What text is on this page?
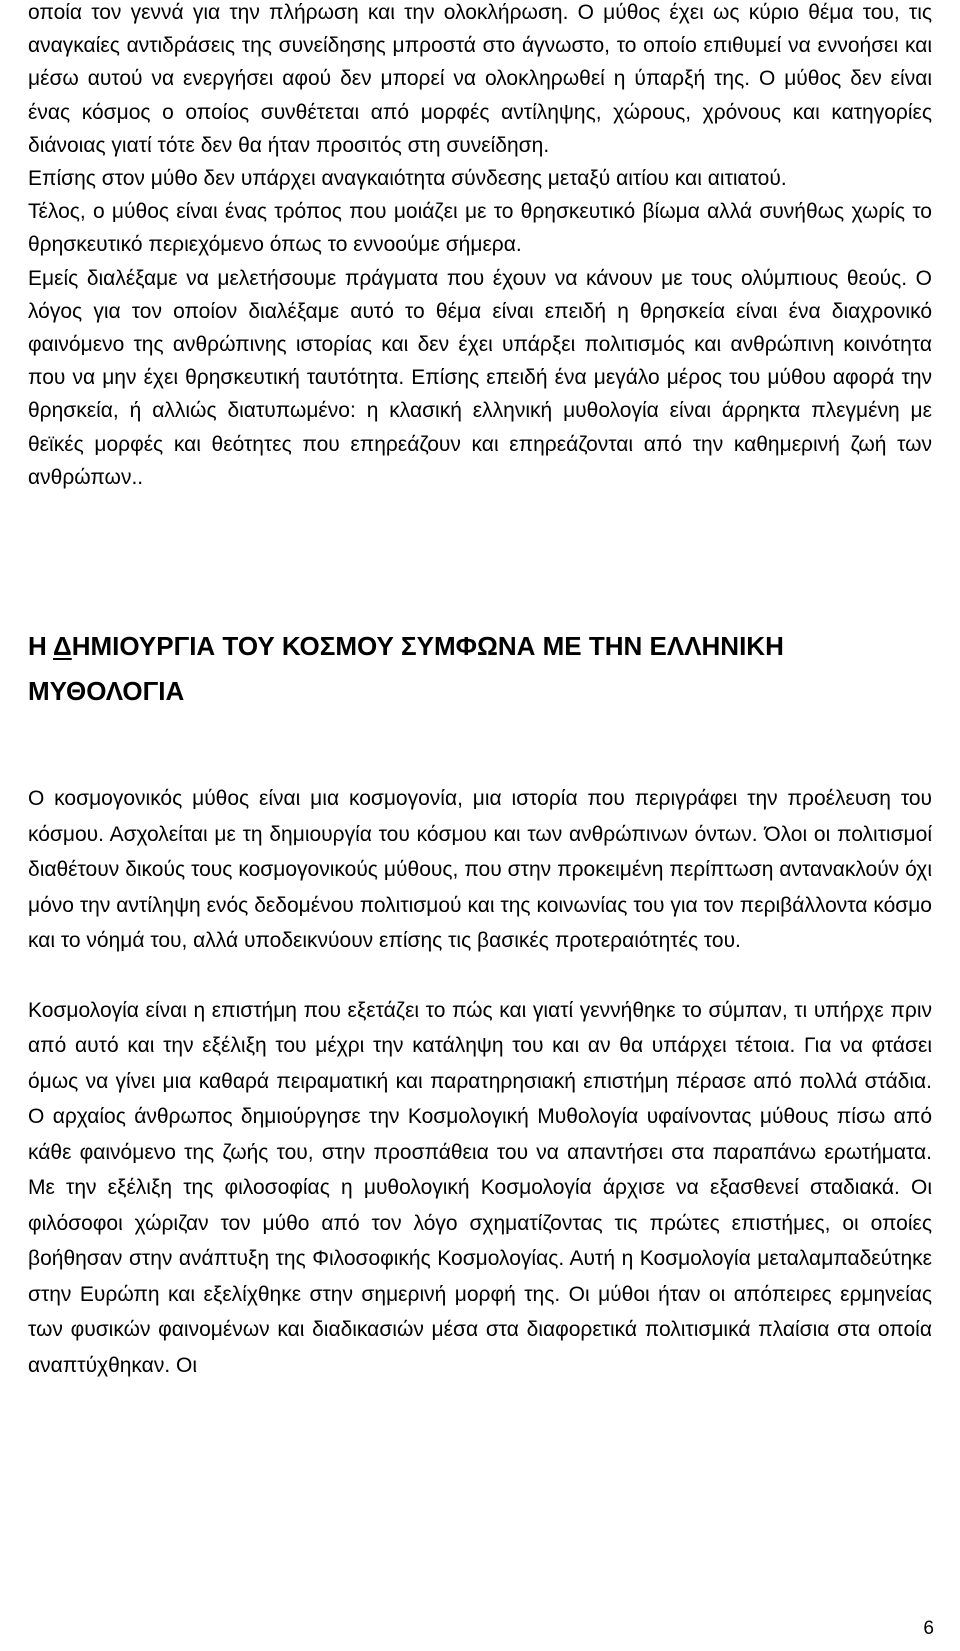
οποία τον γεννά για την πλήρωση και την ολοκλήρωση. Ο μύθος έχει ως κύριο θέμα του, τις αναγκαίες αντιδράσεις της συνείδησης μπροστά στο άγνωστο, το οποίο επιθυμεί να εννοήσει και μέσω αυτού να ενεργήσει αφού δεν μπορεί να ολοκληρωθεί η ύπαρξή της. Ο μύθος δεν είναι ένας κόσμος ο οποίος συνθέτεται από μορφές αντίληψης, χώρους, χρόνους και κατηγορίες διάνοιας γιατί τότε δεν θα ήταν προσιτός στη συνείδηση.

Επίσης στον μύθο δεν υπάρχει αναγκαιότητα σύνδεσης μεταξύ αιτίου και αιτιατού.

Τέλος, ο μύθος είναι ένας τρόπος που μοιάζει με το θρησκευτικό βίωμα αλλά συνήθως χωρίς το θρησκευτικό περιεχόμενο όπως το εννοούμε σήμερα.

Εμείς διαλέξαμε να μελετήσουμε πράγματα που έχουν να κάνουν με τους ολύμπιους θεούς. Ο λόγος για τον οποίον διαλέξαμε αυτό το θέμα είναι επειδή η θρησκεία είναι ένα διαχρονικό φαινόμενο της ανθρώπινης ιστορίας και δεν έχει υπάρξει πολιτισμός και ανθρώπινη κοινότητα που να μην έχει θρησκευτική ταυτότητα. Επίσης επειδή ένα μεγάλο μέρος του μύθου αφορά την θρησκεία, ή αλλιώς διατυπωμένο: η κλασική ελληνική μυθολογία είναι άρρηκτα πλεγμένη με θεϊκές μορφές και θεότητες που επηρεάζουν και επηρεάζονται από την καθημερινή ζωή των ανθρώπων..

Η ΔΗΜΙΟΥΡΓΙΑ ΤΟΥ ΚΟΣΜΟΥ ΣΥΜΦΩΝΑ ΜΕ ΤΗΝ ΕΛΛΗΝΙΚΗ ΜΥΘΟΛΟΓΙΑ

Ο κοσμογονικός μύθος είναι μια κοσμογονία, μια ιστορία που περιγράφει την προέλευση του κόσμου. Ασχολείται με τη δημιουργία του κόσμου και των ανθρώπινων όντων. Όλοι οι πολιτισμοί διαθέτουν δικούς τους κοσμογονικούς μύθους, που στην προκειμένη περίπτωση αντανακλούν όχι μόνο την αντίληψη ενός δεδομένου πολιτισμού και της κοινωνίας του για τον περιβάλλοντα κόσμο και το νόημά του, αλλά υποδεικνύουν επίσης τις βασικές προτεραιότητές του.

Κοσμολογία είναι η επιστήμη που εξετάζει το πώς και γιατί γεννήθηκε το σύμπαν, τι υπήρχε πριν από αυτό και την εξέλιξη του μέχρι την κατάληψη του και αν θα υπάρχει τέτοια. Για να φτάσει όμως να γίνει μια καθαρά πειραματική και παρατηρησιακή επιστήμη πέρασε από πολλά στάδια. Ο αρχαίος άνθρωπος δημιούργησε την Κοσμολογική Μυθολογία υφαίνοντας μύθους πίσω από κάθε φαινόμενο της ζωής του, στην προσπάθεια του να απαντήσει στα παραπάνω ερωτήματα. Με την εξέλιξη της φιλοσοφίας η μυθολογική Κοσμολογία άρχισε να εξασθενεί σταδιακά. Οι φιλόσοφοι χώριζαν τον μύθο από τον λόγο σχηματίζοντας τις πρώτες επιστήμες, οι οποίες βοήθησαν στην ανάπτυξη της Φιλοσοφικής Κοσμολογίας. Αυτή η Κοσμολογία μεταλαμπαδεύτηκε στην Ευρώπη και εξελίχθηκε στην σημερινή μορφή της. Οι μύθοι ήταν οι απόπειρες ερμηνείας των φυσικών φαινομένων και διαδικασιών μέσα στα διαφορετικά πολιτισμικά πλαίσια στα οποία αναπτύχθηκαν. Οι

6
